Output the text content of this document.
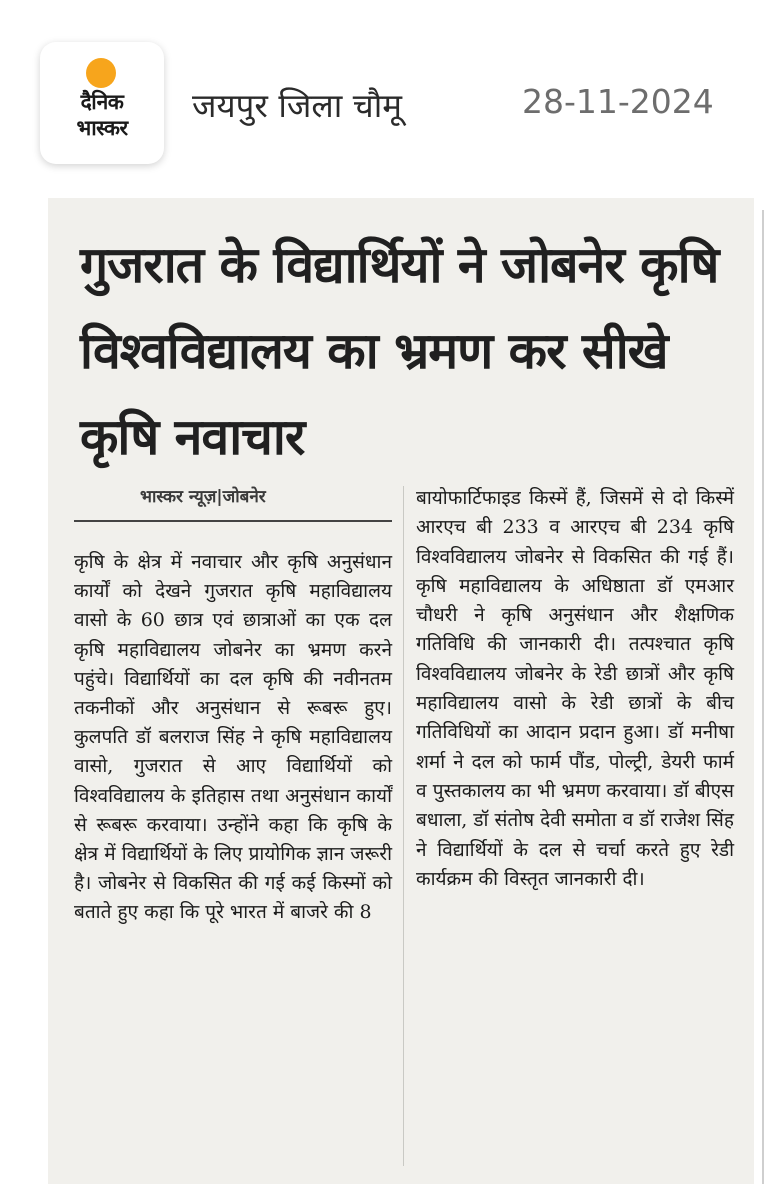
दैनिक
भास्कर
जयपुर जिला चौमू	28-11-2024
गुजरात के विद्यार्थियों ने जोबनेर कृषि विश्वविद्यालय का भ्रमण कर सीखे कृषि नवाचार
भास्कर न्यूज़|जोबनेर
कृषि के क्षेत्र में नवाचार और कृषि अनुसंधान कार्यों को देखने गुजरात कृषि महाविद्यालय वासो के 60 छात्र एवं छात्राओं का एक दल कृषि महाविद्यालय जोबनेर का भ्रमण करने पहुंचे। विद्यार्थियों का दल कृषि की नवीनतम तकनीकों और अनुसंधान से रूबरू हुए। कुलपति डॉ बलराज सिंह ने कृषि महाविद्यालय वासो, गुजरात से आए विद्यार्थियों को विश्वविद्यालय के इतिहास तथा अनुसंधान कार्यों से रूबरू करवाया। उन्होंने कहा कि कृषि के क्षेत्र में विद्यार्थियों के लिए प्रायोगिक ज्ञान जरूरी है। जोबनेर से विकसित की गई कई किस्मों को बताते हुए कहा कि पूरे भारत में बाजरे की 8
बायोफार्टिफाइड किस्में हैं, जिसमें से दो किस्में आरएच बी 233 व आरएच बी 234 कृषि विश्वविद्यालय जोबनेर से विकसित की गई हैं। कृषि महाविद्यालय के अधिष्ठाता डॉ एमआर चौधरी ने कृषि अनुसंधान और शैक्षणिक गतिविधि की जानकारी दी। तत्पश्चात कृषि विश्वविद्यालय जोबनेर के रेडी छात्रों और कृषि महाविद्यालय वासो के रेडी छात्रों के बीच गतिविधियों का आदान प्रदान हुआ। डॉ मनीषा शर्मा ने दल को फार्म पौंड, पोल्ट्री, डेयरी फार्म व पुस्तकालय का भी भ्रमण करवाया। डॉ बीएस बधाला, डॉ संतोष देवी समोता व डॉ राजेश सिंह ने विद्यार्थियों के दल से चर्चा करते हुए रेडी कार्यक्रम की विस्तृत जानकारी दी।
